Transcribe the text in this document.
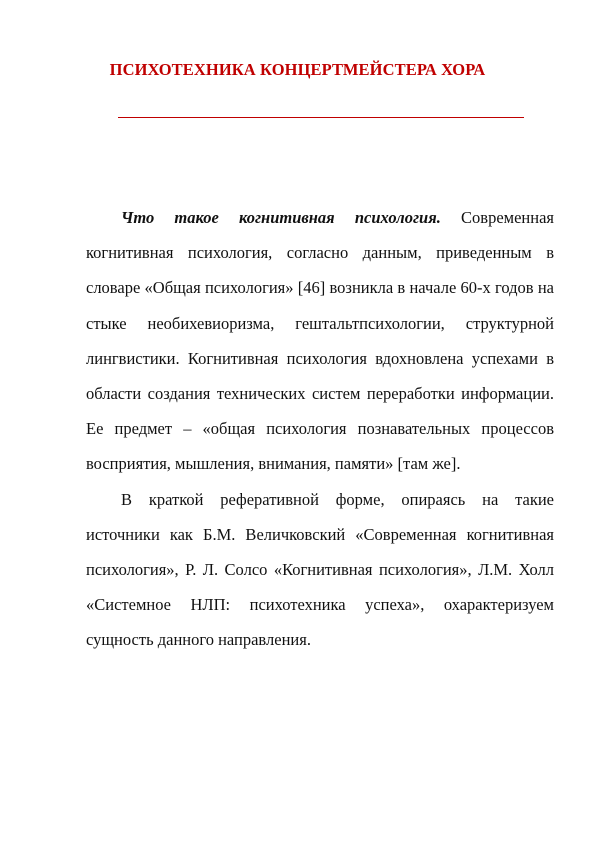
ПСИХОТЕХНИКА КОНЦЕРТМЕЙСТЕРА ХОРА

Что такое когнитивная психология. Современная когнитивная психология, согласно данным, приведенным в словаре «Общая психология» [46] возникла в начале 60-х годов на стыке необихевиоризма, гештальтпсихологии, структурной лингвистики. Когнитивная психология вдохновлена успехами в области создания технических систем переработки информации. Ее предмет – «общая психология познавательных процессов восприятия, мышления, внимания, памяти» [там же].

В краткой реферативной форме, опираясь на такие источники как Б.М. Величковский «Современная когнитивная психология», Р. Л. Солсо «Когнитивная психология», Л.М. Холл «Системное НЛП: психотехника успеха», охарактеризуем сущность данного направления.
